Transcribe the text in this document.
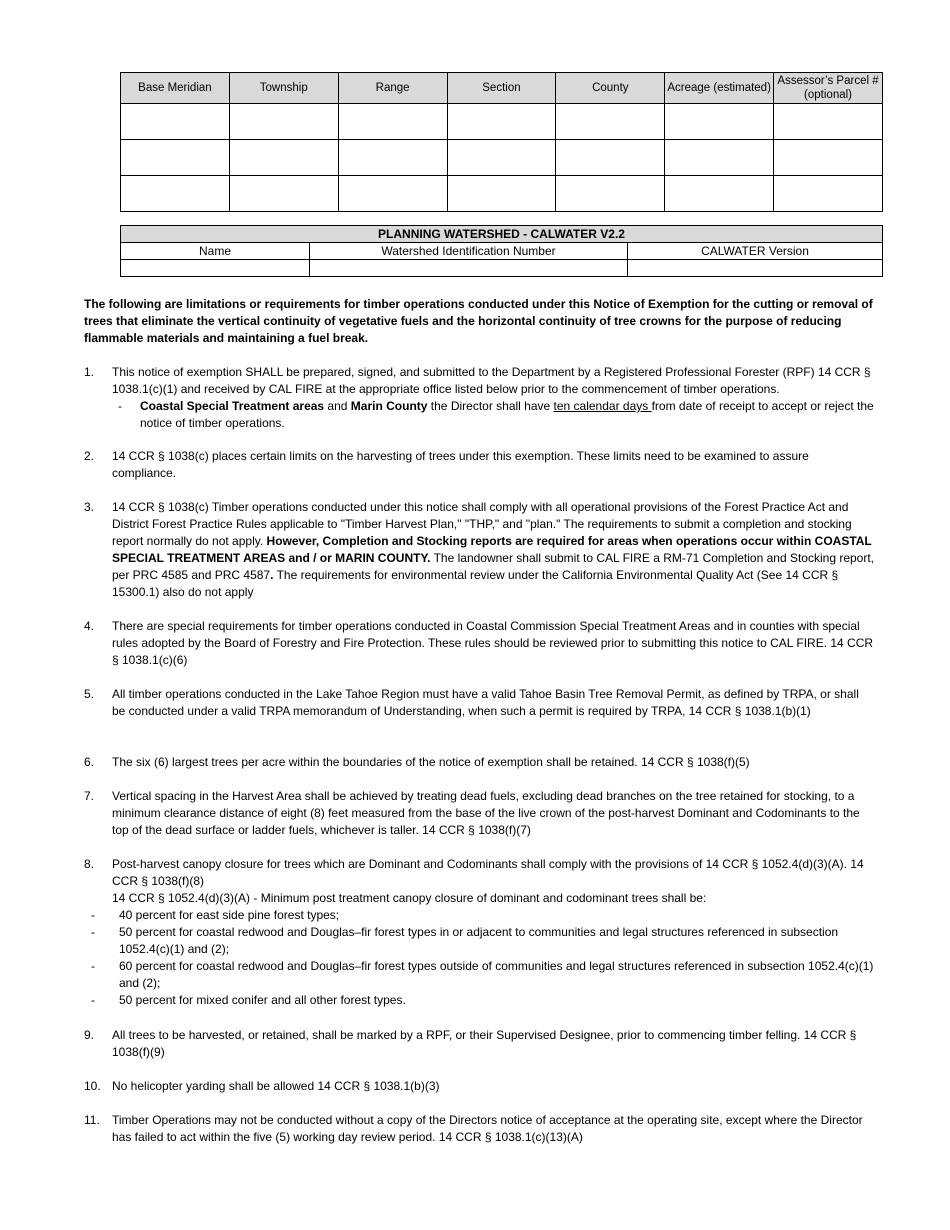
Base Meridian	Township	Range	Section	County	Acreage (estimated)	Assessor’s Parcel # (optional)

PLANNING WATERSHED - CALWATER V2.2		
Name	Watershed Identification Number	CALWATER Version

The following are limitations or requirements for timber operations conducted under this Notice of Exemption for the cutting or removal of trees that eliminate the vertical continuity of vegetative fuels and the horizontal continuity of tree crowns for the purpose of reducing flammable materials and maintaining a fuel break.

1. This notice of exemption SHALL be prepared, signed, and submitted to the Department by a Registered Professional Forester (RPF) 14 CCR § 1038.1(c)(1) and received by CAL FIRE at the appropriate office listed below prior to the commencement of timber operations.
- Coastal Special Treatment areas and Marin County the Director shall have ten calendar days from date of receipt to accept or reject the notice of timber operations.
2. 14 CCR § 1038(c) places certain limits on the harvesting of trees under this exemption. These limits need to be examined to assure compliance.
3. 14 CCR § 1038(c) Timber operations conducted under this notice shall comply with all operational provisions of the Forest Practice Act and District Forest Practice Rules applicable to "Timber Harvest Plan," "THP," and "plan." The requirements to submit a completion and stocking report normally do not apply. However, Completion and Stocking reports are required for areas when operations occur within COASTAL SPECIAL TREATMENT AREAS and / or MARIN COUNTY. The landowner shall submit to CAL FIRE a RM-71 Completion and Stocking report, per PRC 4585 and PRC 4587. The requirements for environmental review under the California Environmental Quality Act (See 14 CCR § 15300.1) also do not apply
4. There are special requirements for timber operations conducted in Coastal Commission Special Treatment Areas and in counties with special rules adopted by the Board of Forestry and Fire Protection. These rules should be reviewed prior to submitting this notice to CAL FIRE. 14 CCR § 1038.1(c)(6)
5. All timber operations conducted in the Lake Tahoe Region must have a valid Tahoe Basin Tree Removal Permit, as defined by TRPA, or shall be conducted under a valid TRPA memorandum of Understanding, when such a permit is required by TRPA, 14 CCR § 1038.1(b)(1)
6. The six (6) largest trees per acre within the boundaries of the notice of exemption shall be retained. 14 CCR § 1038(f)(5)
7. Vertical spacing in the Harvest Area shall be achieved by treating dead fuels, excluding dead branches on the tree retained for stocking, to a minimum clearance distance of eight (8) feet measured from the base of the live crown of the post-harvest Dominant and Codominants to the top of the dead surface or ladder fuels, whichever is taller. 14 CCR § 1038(f)(7)
8. Post-harvest canopy closure for trees which are Dominant and Codominants shall comply with the provisions of 14 CCR § 1052.4(d)(3)(A). 14 CCR § 1038(f)(8)
14 CCR § 1052.4(d)(3)(A) - Minimum post treatment canopy closure of dominant and codominant trees shall be:
- 40 percent for east side pine forest types;
- 50 percent for coastal redwood and Douglas–fir forest types in or adjacent to communities and legal structures referenced in subsection 1052.4(c)(1) and (2);
- 60 percent for coastal redwood and Douglas–fir forest types outside of communities and legal structures referenced in subsection 1052.4(c)(1) and (2);
- 50 percent for mixed conifer and all other forest types.
9. All trees to be harvested, or retained, shall be marked by a RPF, or their Supervised Designee, prior to commencing timber felling. 14 CCR § 1038(f)(9)
10. No helicopter yarding shall be allowed 14 CCR § 1038.1(b)(3)
11. Timber Operations may not be conducted without a copy of the Directors notice of acceptance at the operating site, except where the Director has failed to act within the five (5) working day review period. 14 CCR § 1038.1(c)(13)(A)
